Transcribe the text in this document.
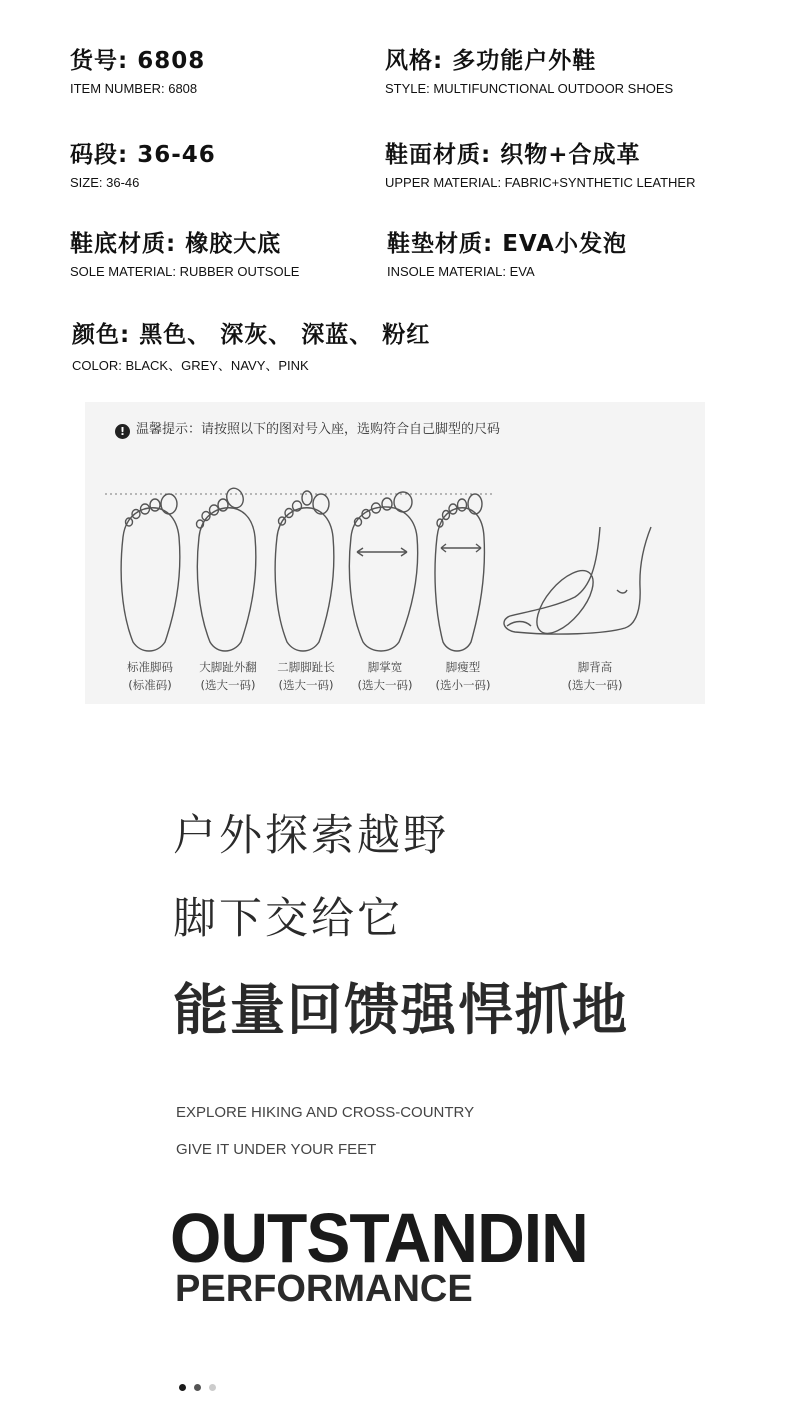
货号: 6808
ITEM NUMBER: 6808
风格: 多功能户外鞋
STYLE: MULTIFUNCTIONAL OUTDOOR SHOES
码段: 36-46
SIZE: 36-46
鞋面材质: 织物+合成革
UPPER MATERIAL: FABRIC+SYNTHETIC LEATHER
鞋底材质: 橡胶大底
SOLE MATERIAL: RUBBER OUTSOLE
鞋垫材质: EVA小发泡
INSOLE MATERIAL: EVA
颜色: 黑色、 深灰、 深蓝、 粉红
COLOR: BLACK、GREY、NAVY、PINK
! 温馨提示：请按照以下的图对号入座，选购符合自己脚型的尺码
标准脚码
(标准码)
大脚趾外翻
(选大一码)
二脚脚趾长
(选大一码)
脚掌宽
(选大一码)
脚瘦型
(选小一码)
脚背高
(选大一码)
户外探索越野
脚下交给它
能量回馈强悍抓地
EXPLORE HIKING AND CROSS-COUNTRY
GIVE IT UNDER YOUR FEET
OUTSTANDIN
PERFORMANCE
